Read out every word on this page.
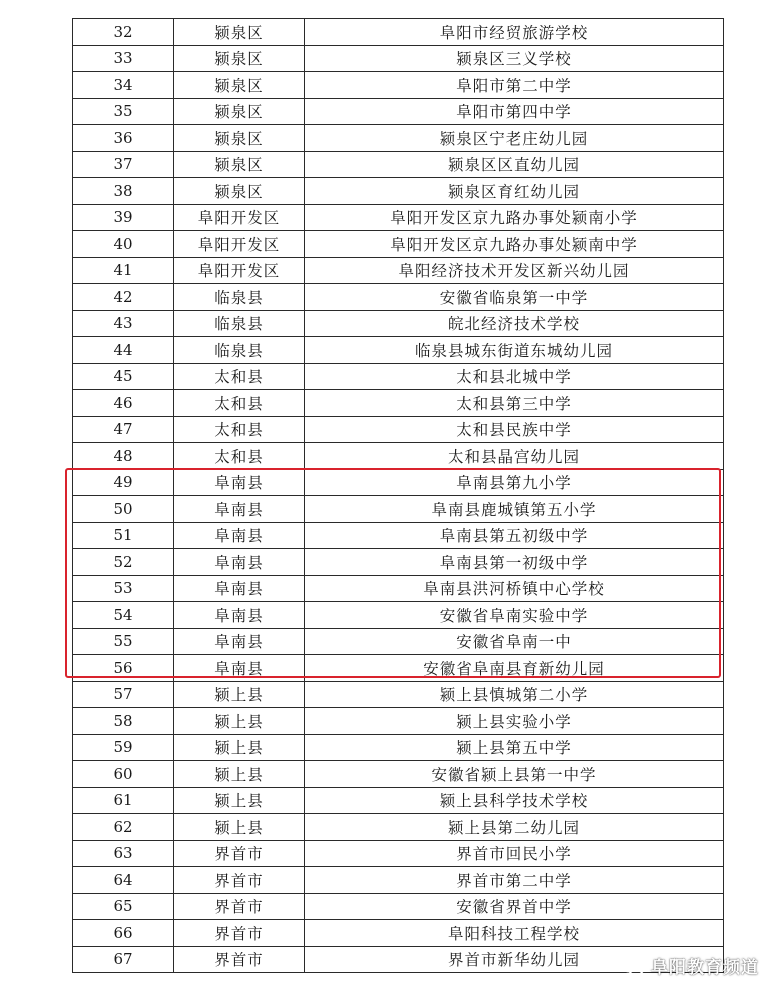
32	颍泉区	阜阳市经贸旅游学校
33	颍泉区	颍泉区三义学校
34	颍泉区	阜阳市第二中学
35	颍泉区	阜阳市第四中学
36	颍泉区	颍泉区宁老庄幼儿园
37	颍泉区	颍泉区区直幼儿园
38	颍泉区	颍泉区育红幼儿园
39	阜阳开发区	阜阳开发区京九路办事处颍南小学
40	阜阳开发区	阜阳开发区京九路办事处颍南中学
41	阜阳开发区	阜阳经济技术开发区新兴幼儿园
42	临泉县	安徽省临泉第一中学
43	临泉县	皖北经济技术学校
44	临泉县	临泉县城东街道东城幼儿园
45	太和县	太和县北城中学
46	太和县	太和县第三中学
47	太和县	太和县民族中学
48	太和县	太和县晶宫幼儿园
49	阜南县	阜南县第九小学
50	阜南县	阜南县鹿城镇第五小学
51	阜南县	阜南县第五初级中学
52	阜南县	阜南县第一初级中学
53	阜南县	阜南县洪河桥镇中心学校
54	阜南县	安徽省阜南实验中学
55	阜南县	安徽省阜南一中
56	阜南县	安徽省阜南县育新幼儿园
57	颍上县	颍上县慎城第二小学
58	颍上县	颍上县实验小学
59	颍上县	颍上县第五中学
60	颍上县	安徽省颍上县第一中学
61	颍上县	颍上县科学技术学校
62	颍上县	颍上县第二幼儿园
63	界首市	界首市回民小学
64	界首市	界首市第二中学
65	界首市	安徽省界首中学
66	界首市	阜阳科技工程学校
67	界首市	界首市新华幼儿园	阜阳教育频道
